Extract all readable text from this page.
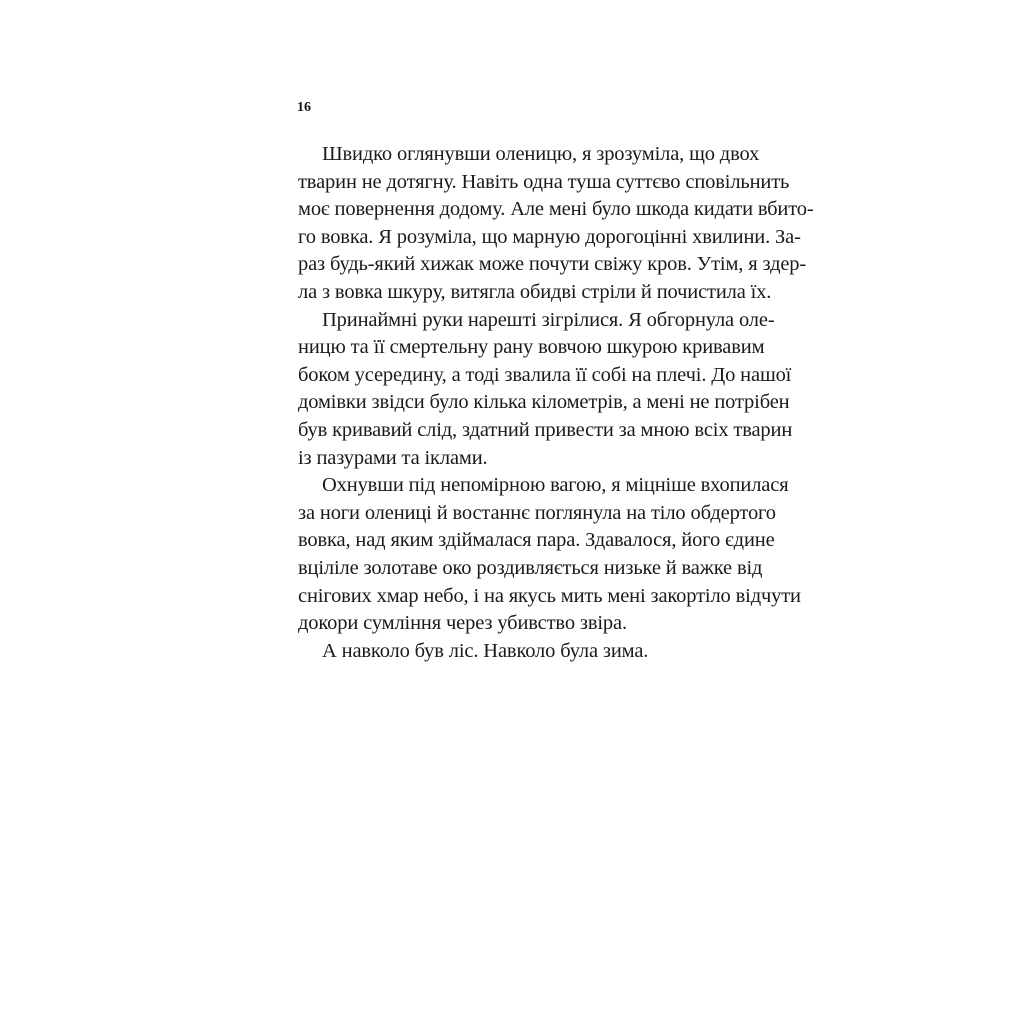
16
Швидко оглянувши оленицю, я зрозуміла, що двох
тварин не дотягну. Навіть одна туша суттєво сповільнить
моє повернення додому. Але мені було шкода кидати вбито-
го вовка. Я розуміла, що марную дорогоцінні хвилини. За-
раз будь-який хижак може почути свіжу кров. Утім, я здер-
ла з вовка шкуру, витягла обидві стріли й почистила їх.
Принаймні руки нарешті зігрілися. Я обгорнула оле-
ницю та її смертельну рану вовчою шкурою кривавим
боком усередину, а тоді звалила її собі на плечі. До нашої
домівки звідси було кілька кілометрів, а мені не потрібен
був кривавий слід, здатний привести за мною всіх тварин
із пазурами та іклами.
Охнувши під непомірною вагою, я міцніше вхопилася
за ноги олениці й востаннє поглянула на тіло обдертого
вовка, над яким здіймалася пара. Здавалося, його єдине
вціліле золотаве око роздивляється низьке й важке від
снігових хмар небо, і на якусь мить мені закортіло відчути
докори сумління через убивство звіра.
А навколо був ліс. Навколо була зима.
